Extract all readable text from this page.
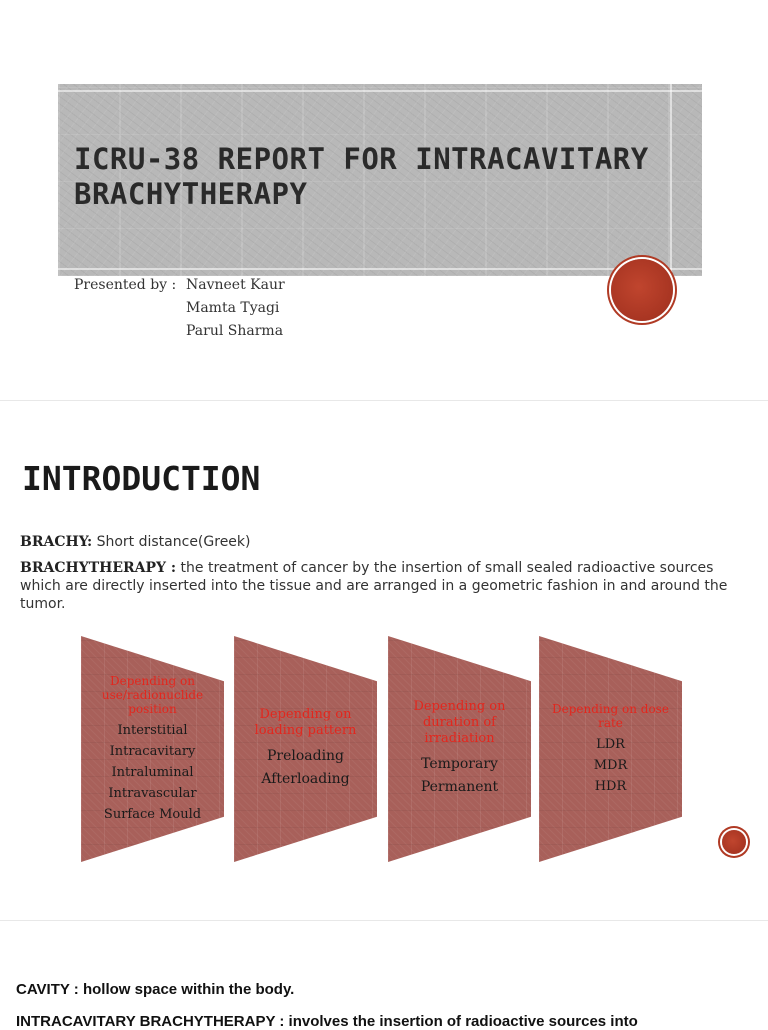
ICRU-38 REPORT FOR INTRACAVITARY BRACHYTHERAPY
Presented by : Navneet Kaur
Mamta Tyagi
Parul Sharma
INTRODUCTION

BRACHY: Short distance(Greek)

BRACHYTHERAPY : the treatment of cancer by the insertion of small sealed radioactive sources which are directly inserted into the tissue and are arranged in a geometric fashion in and around the tumor.

Depending on use/radionuclide position
Interstitial
Intracavitary
Intraluminal
Intravascular
Surface Mould
Depending on loading pattern
Preloading
Afterloading
Depending on duration of irradiation
Temporary
Permanent
Depending on dose rate
LDR
MDR
HDR

CAVITY : hollow space within the body.

INTRACAVITARY BRACHYTHERAPY : involves the insertion of radioactive sources into
